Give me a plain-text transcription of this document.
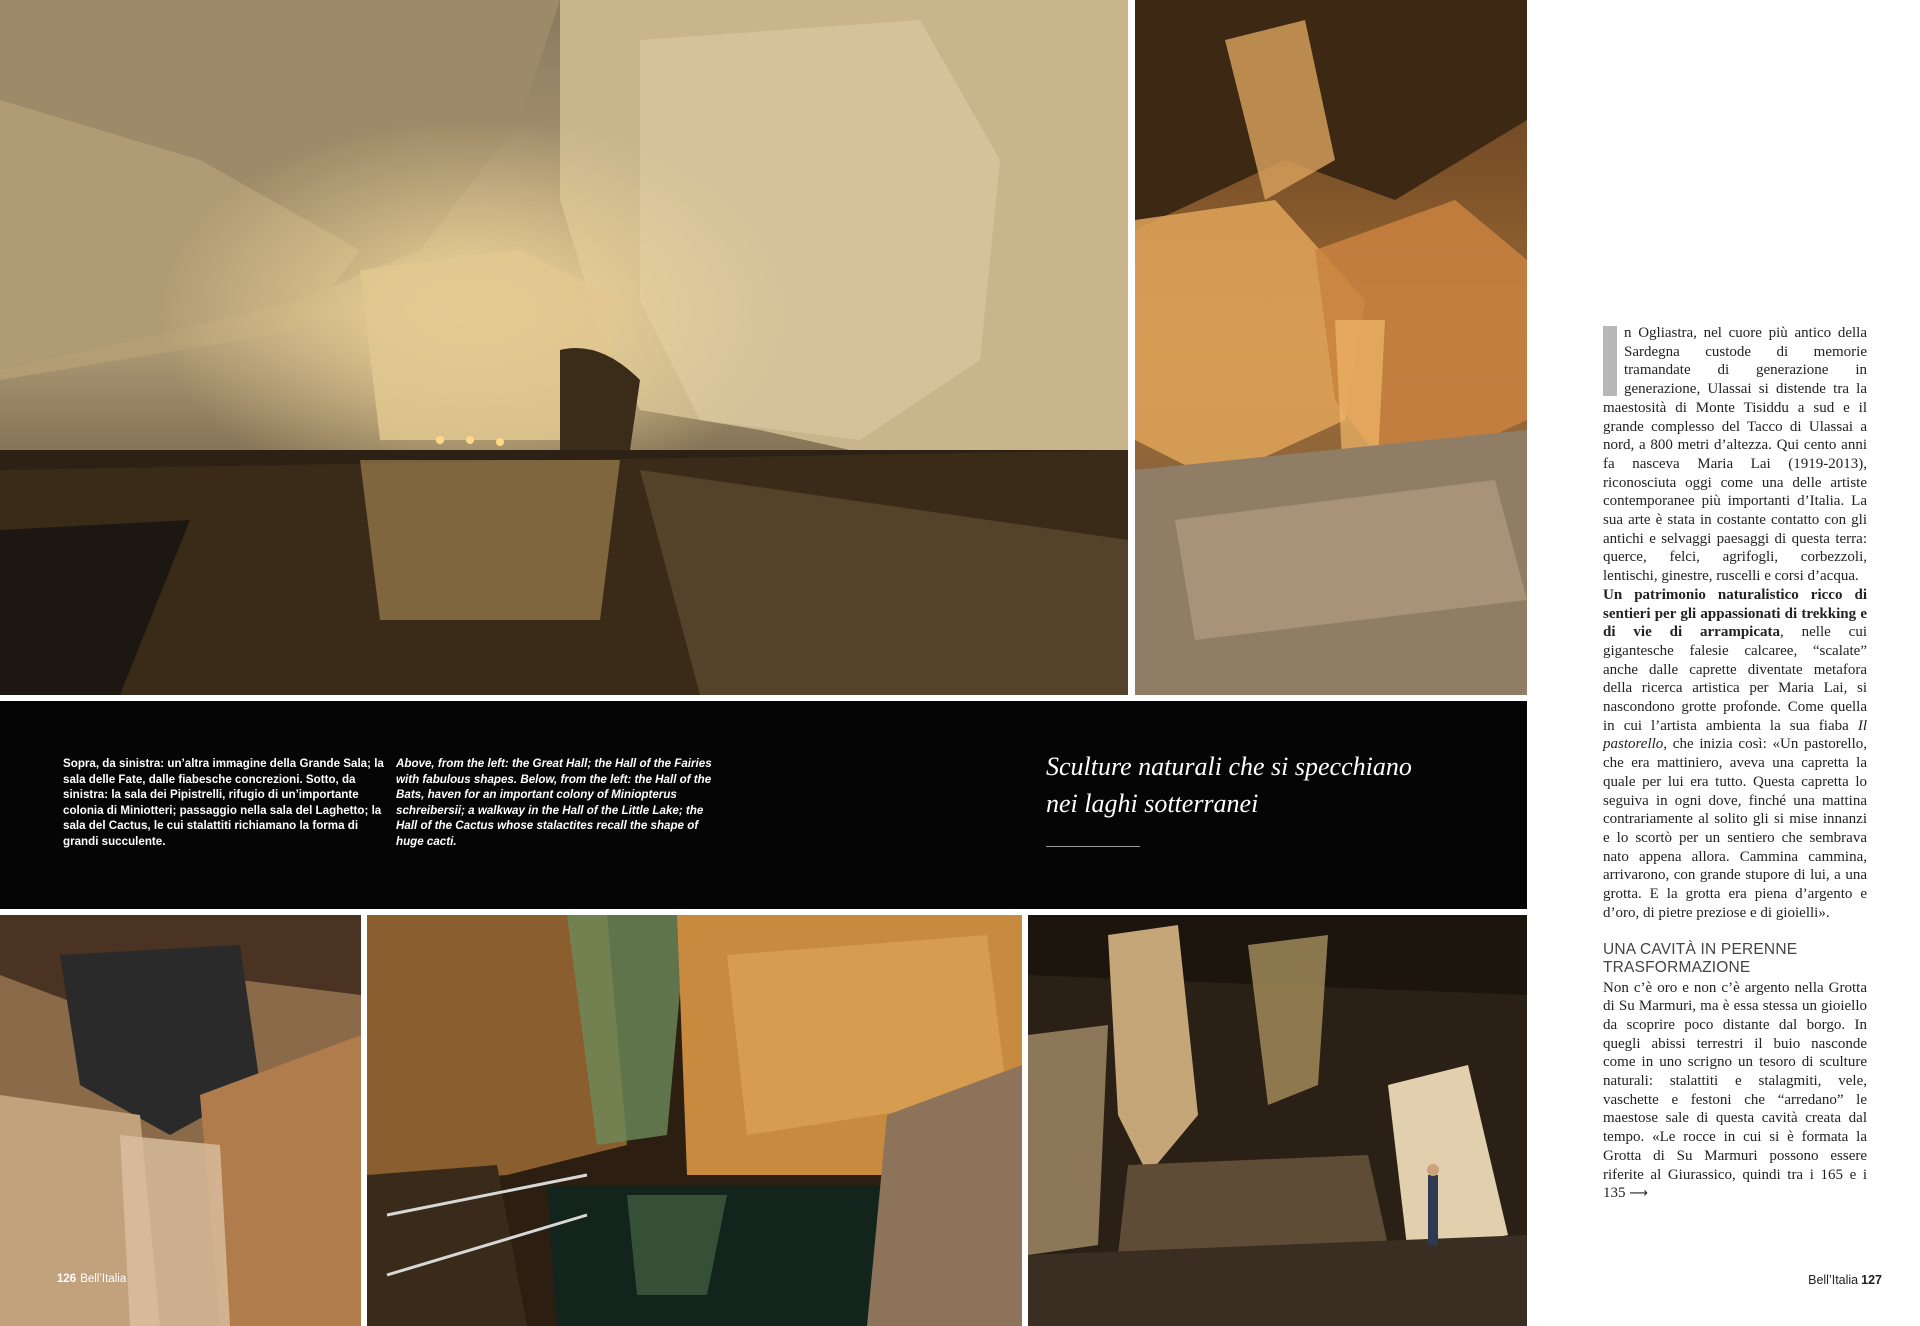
Sopra, da sinistra: un’altra immagine della Grande Sala; la sala delle Fate, dalle fiabesche concrezioni. Sotto, da sinistra: la sala dei Pipistrelli, rifugio di un’importante colonia di Miniotteri; passaggio nella sala del Laghetto; la sala del Cactus, le cui stalattiti richiamano la forma di grandi succulente.
Above, from the left: the Great Hall; the Hall of the Fairies with fabulous shapes. Below, from the left: the Hall of the Bats, haven for an important colony of Miniopterus schreibersii; a walkway in the Hall of the Little Lake; the Hall of the Cactus whose stalactites recall the shape of huge cacti.
Sculture naturali che si specchiano
nei laghi sotterranei
126 Bell’Italia

n Ogliastra, nel cuore più antico della Sardegna custode di memorie tramandate di generazione in generazione, Ulassai si distende tra la maestosità di Monte Tisiddu a sud e il grande complesso del Tacco di Ulassai a nord, a 800 metri d’altezza. Qui cento anni fa nasceva Maria Lai (1919-2013), riconosciuta oggi come una delle artiste contemporanee più importanti d’Italia. La sua arte è stata in costante contatto con gli antichi e selvaggi paesaggi di questa terra: querce, felci, agrifogli, corbezzoli, lentischi, ginestre, ruscelli e corsi d’acqua.

Un patrimonio naturalistico ricco di sentieri per gli appassionati di trekking e di vie di arrampicata, nelle cui gigantesche falesie calcaree, “scalate” anche dalle caprette diventate metafora della ricerca artistica per Maria Lai, si nascondono grotte profonde. Come quella in cui l’artista ambienta la sua fiaba Il pastorello, che inizia così: «Un pastorello, che era mattiniero, aveva una capretta la quale per lui era tutto. Questa capretta lo seguiva in ogni dove, finché una mattina contrariamente al solito gli si mise innanzi e lo scortò per un sentiero che sembrava nato appena allora. Cammina cammina, arrivarono, con grande stupore di lui, a una grotta. E la grotta era piena d’argento e d’oro, di pietre preziose e di gioielli».

UNA CAVITÀ IN PERENNE TRASFORMAZIONE

Non c’è oro e non c’è argento nella Grotta di Su Marmuri, ma è essa stessa un gioiello da scoprire poco distante dal borgo. In quegli abissi terrestri il buio nasconde come in uno scrigno un tesoro di sculture naturali: stalattiti e stalagmiti, vele, vaschette e festoni che “arredano” le maestose sale di questa cavità creata dal tempo. «Le rocce in cui si è formata la Grotta di Su Marmuri possono essere riferite al Giurassico, quindi tra i 165 e i 135 ⟶

Bell’Italia 127
